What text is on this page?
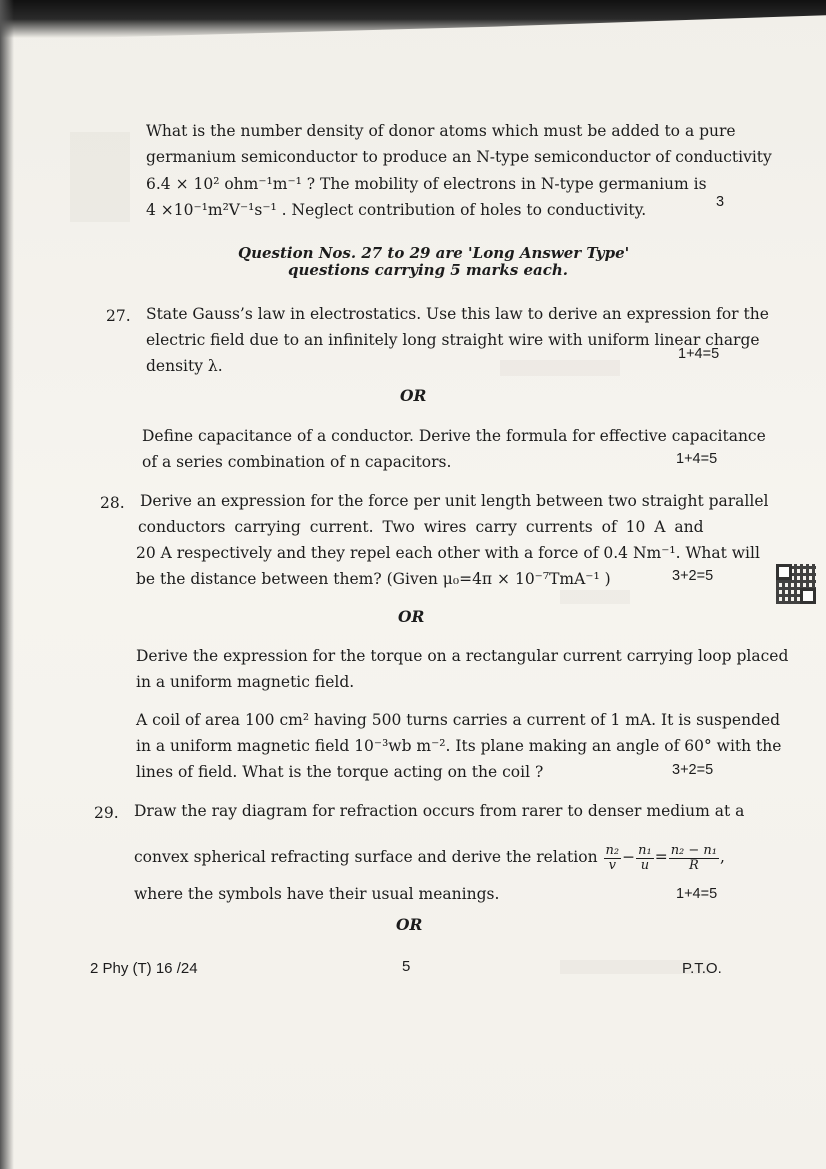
What is the number density of donor atoms which must be added to a pure
germanium semiconductor to produce an N-type semiconductor of conductivity
6.4 × 10² ohm⁻¹m⁻¹ ? The mobility of electrons in N-type germanium is
4 ×10⁻¹m²V⁻¹s⁻¹ . Neglect contribution of holes to conductivity.	3
Question Nos. 27 to 29 are 'Long Answer Type'
questions carrying 5 marks each.
27. State Gauss’s law in electrostatics. Use this law to derive an expression for the
electric field due to an infinitely long straight wire with uniform linear charge
density λ.
1+4=5
OR
Define capacitance of a conductor. Derive the formula for effective capacitance
of a series combination of n capacitors.	1+4=5
28. Derive an expression for the force per unit length between two straight parallel
conductors carrying current. Two wires carry currents of 10 A and
20 A respectively and they repel each other with a force of 0.4 Nm⁻¹. What will
be the distance between them? (Given μ₀=4π × 10⁻⁷TmA⁻¹ )	3+2=5
OR
Derive the expression for the torque on a rectangular current carrying loop placed
in a uniform magnetic field.
A coil of area 100 cm² having 500 turns carries a current of 1 mA. It is suspended
in a uniform magnetic field 10⁻³wb m⁻². Its plane making an angle of 60° with the
lines of field. What is the torque acting on the coil ?	3+2=5
29. Draw the ray diagram for refraction occurs from rarer to denser medium at a
convex spherical refracting surface and derive the relation $\frac{\text{n₂}}{v} - \frac{\text{n₁}}{u} = \frac{\text{n₂ − n₁}}{R}$ ,
where the symbols have their usual meanings.	1+4=5
OR
2 Phy (T) 16 /24	5	P.T.O.
